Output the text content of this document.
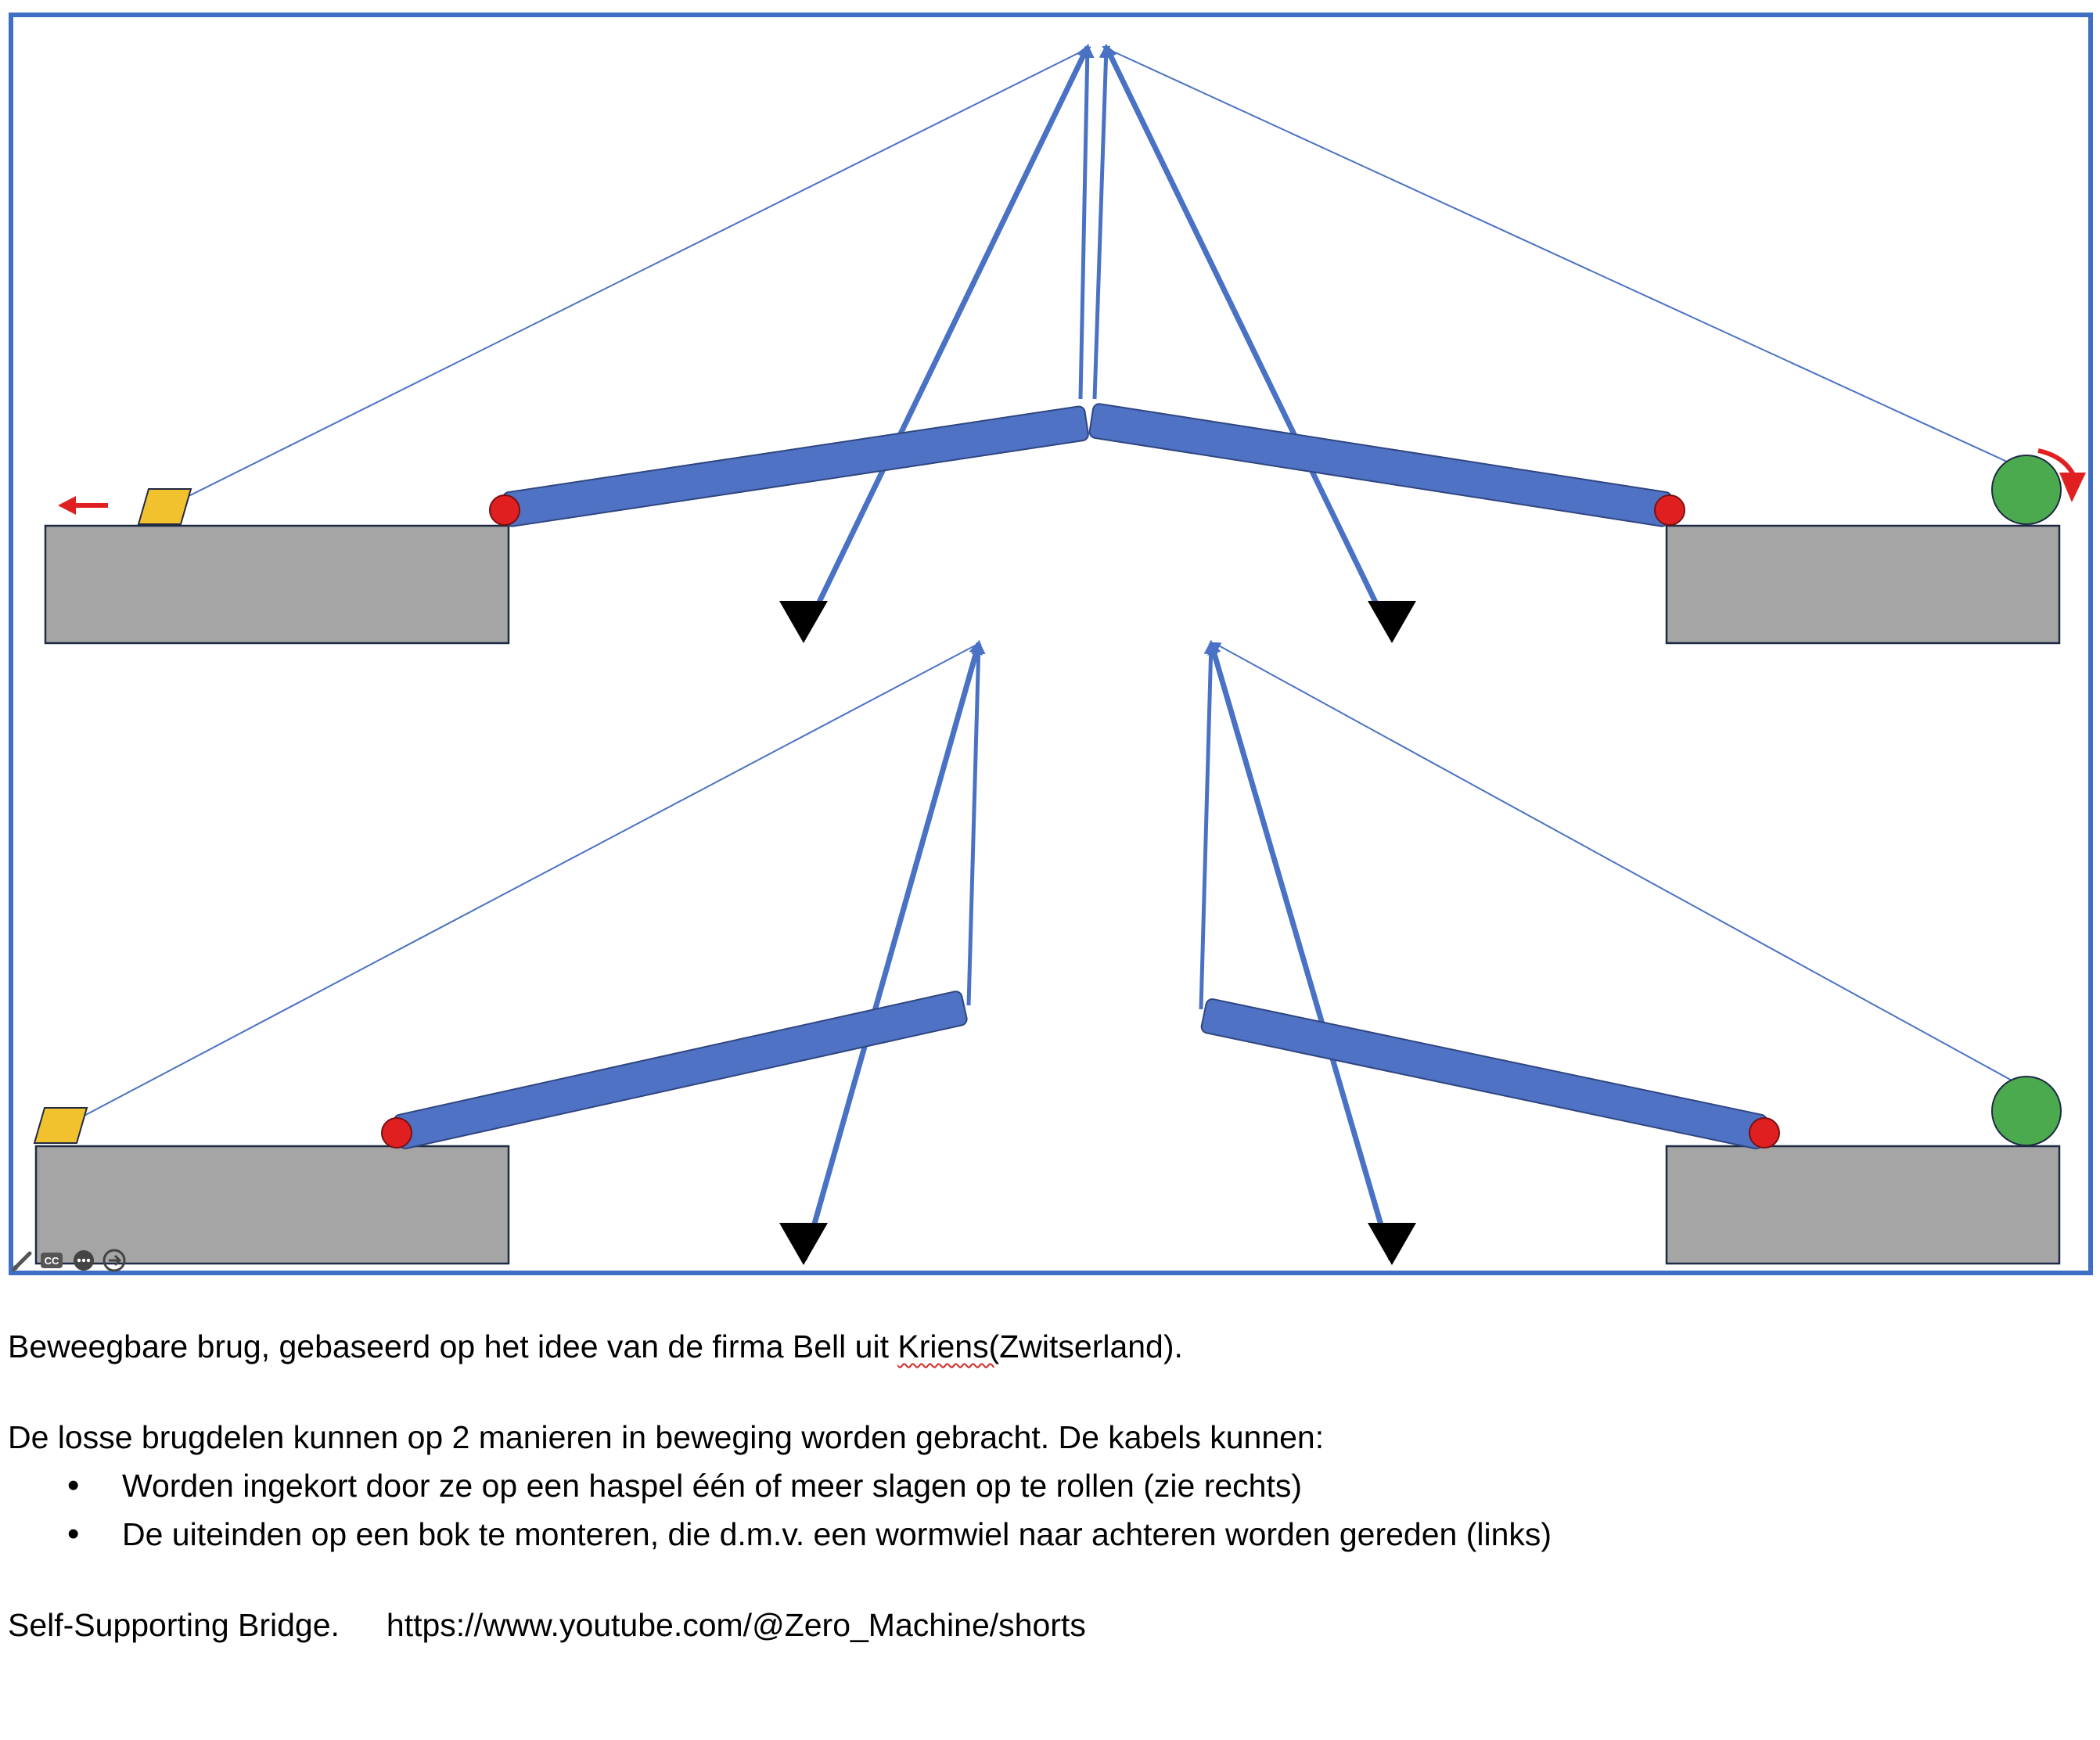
CC

Beweegbare brug, gebaseerd op het idee van de firma Bell uit Kriens(Zwitserland).

De losse brugdelen kunnen op 2 manieren in beweging worden gebracht. De kabels kunnen:

• Worden ingekort door ze op een haspel één of meer slagen op te rollen (zie rechts)
• De uiteinden op een bok te monteren, die d.m.v. een wormwiel naar achteren worden gereden (links)

Self-Supporting Bridge. https://www.youtube.com/@Zero_Machine/shorts
